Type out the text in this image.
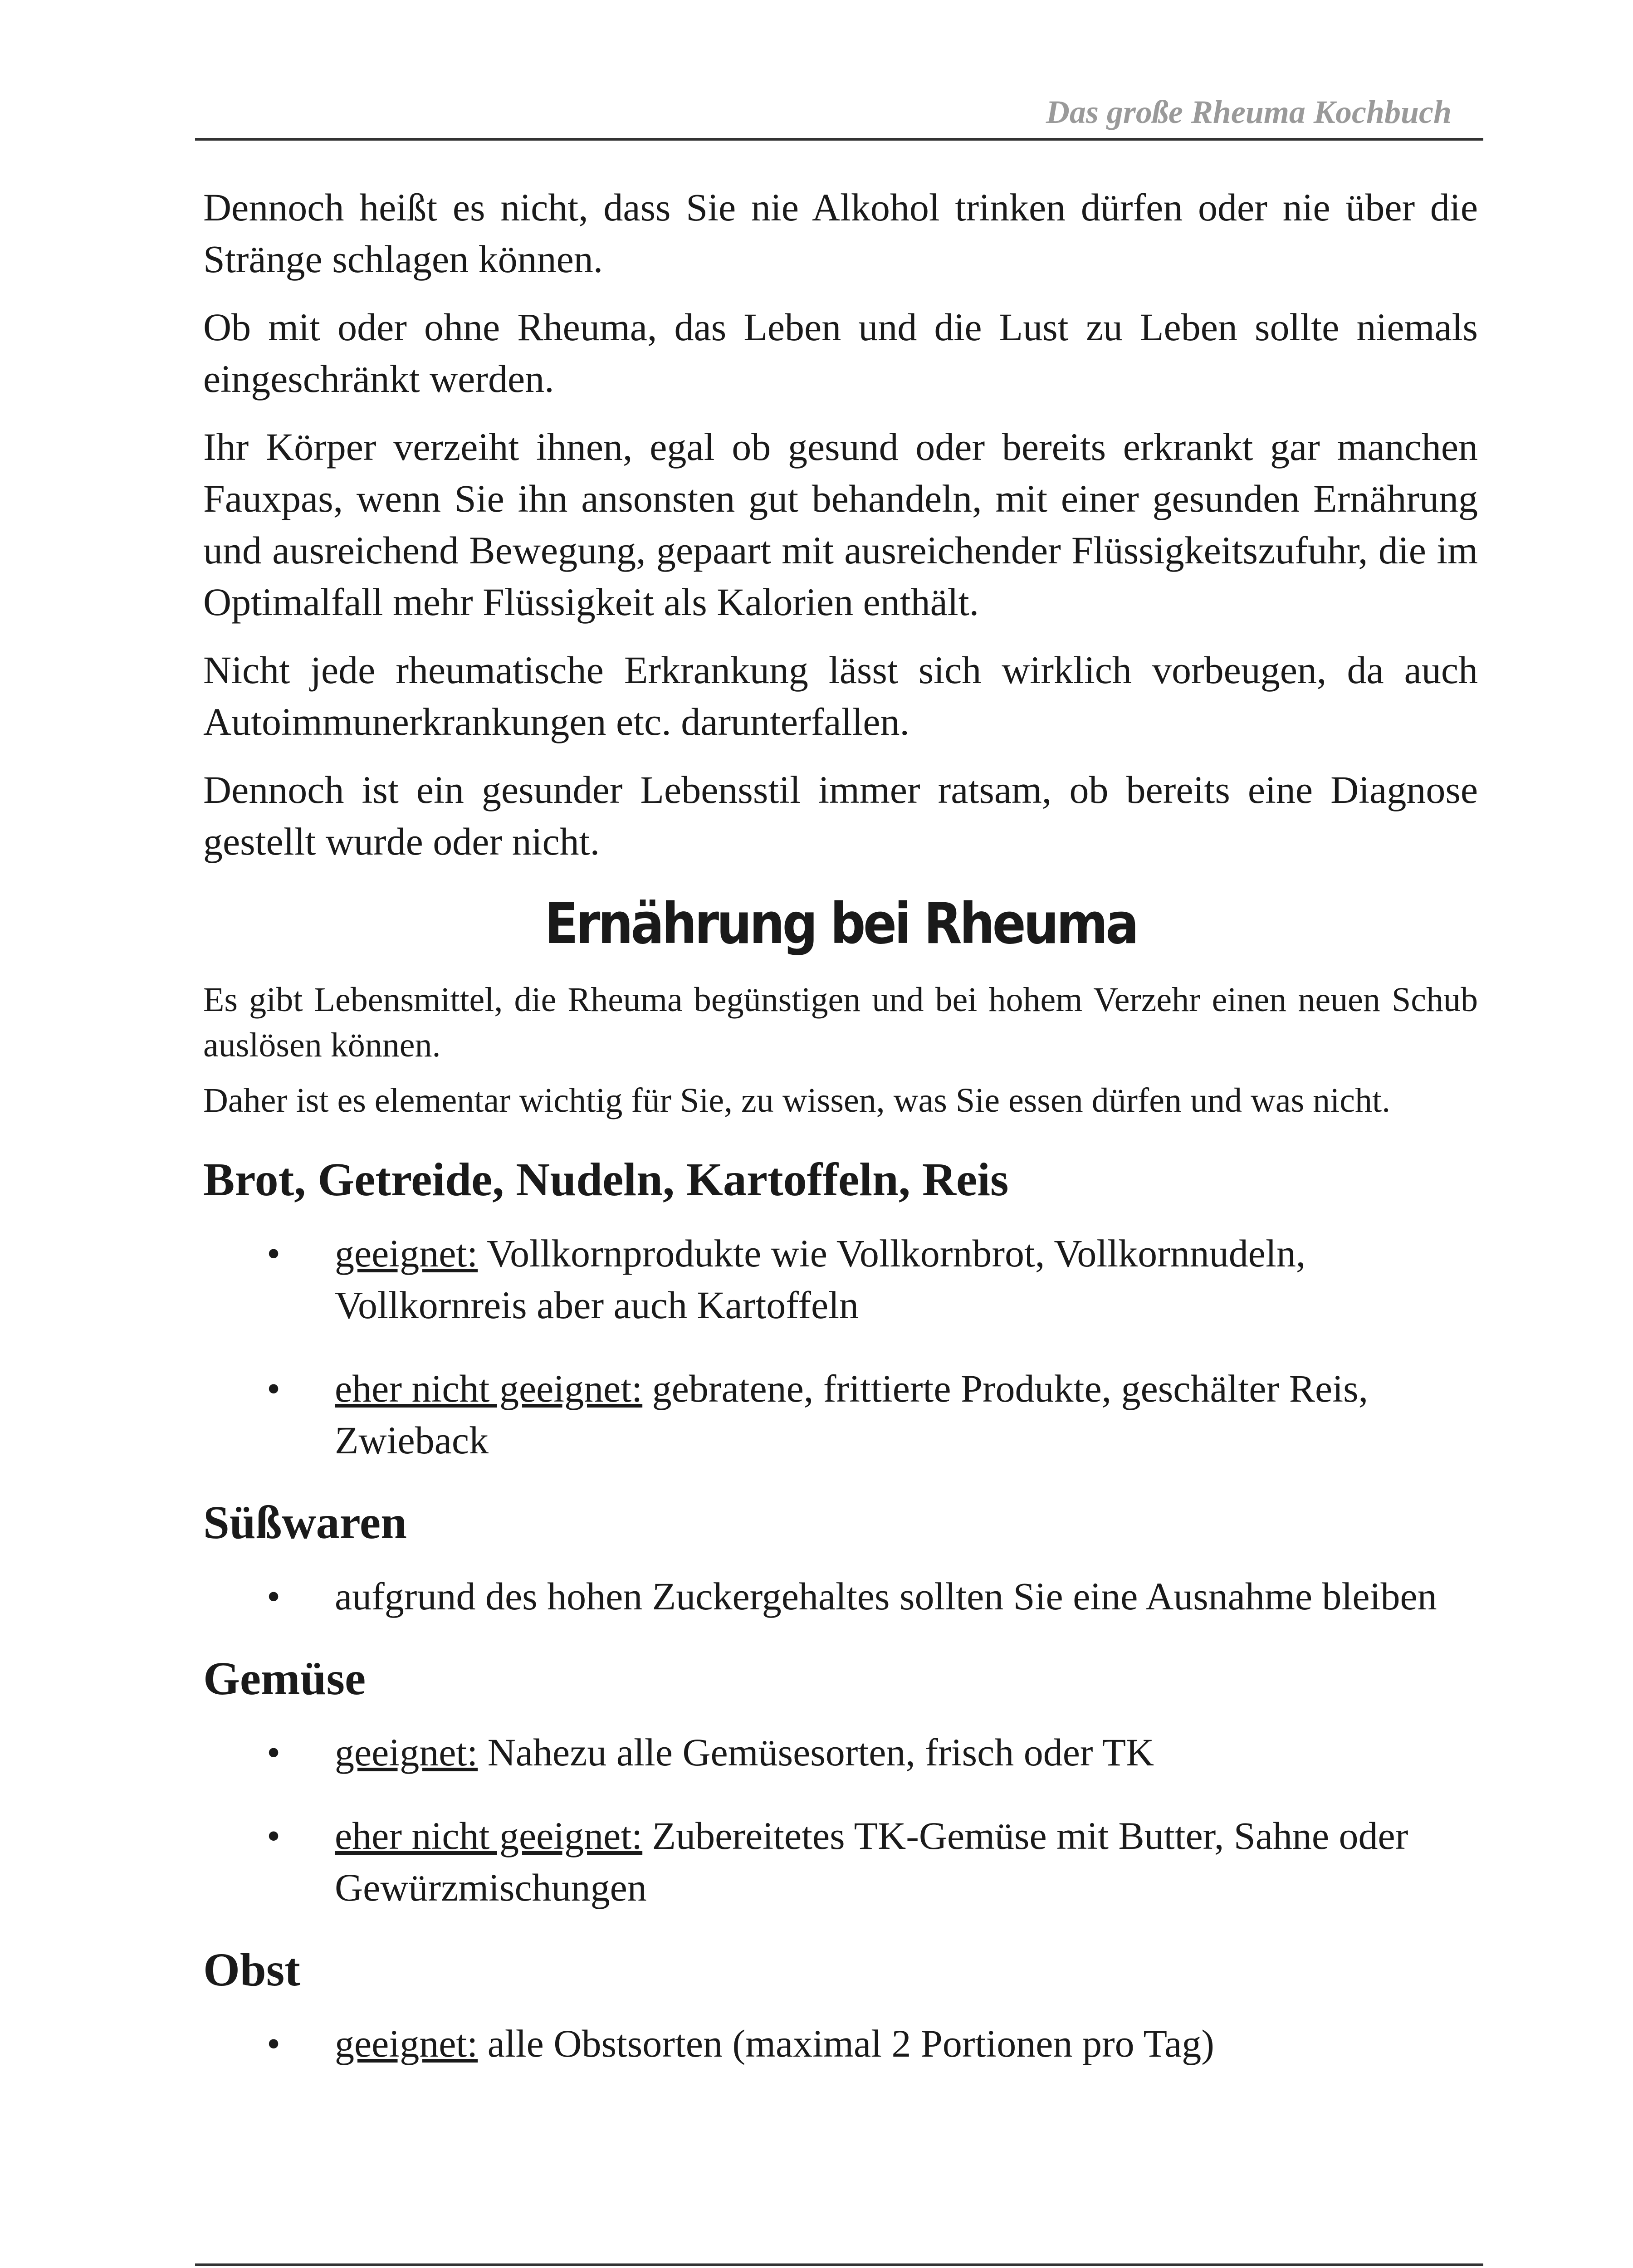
Das große Rheuma Kochbuch

Dennoch heißt es nicht, dass Sie nie Alkohol trinken dürfen oder nie über die Stränge schlagen können.

Ob mit oder ohne Rheuma, das Leben und die Lust zu Leben sollte niemals eingeschränkt werden.

Ihr Körper verzeiht ihnen, egal ob gesund oder bereits erkrankt gar manchen Fauxpas, wenn Sie ihn ansonsten gut behandeln, mit einer gesunden Ernährung und ausreichend Bewegung, gepaart mit ausreichender Flüssigkeitszufuhr, die im Optimalfall mehr Flüssigkeit als Kalorien enthält.

Nicht jede rheumatische Erkrankung lässt sich wirklich vorbeugen, da auch Autoimmunerkrankungen etc. darunterfallen.

Dennoch ist ein gesunder Lebensstil immer ratsam, ob bereits eine Diagnose gestellt wurde oder nicht.

Ernährung bei Rheuma

Es gibt Lebensmittel, die Rheuma begünstigen und bei hohem Verzehr einen neuen Schub auslösen können.

Daher ist es elementar wichtig für Sie, zu wissen, was Sie essen dürfen und was nicht.

Brot, Getreide, Nudeln, Kartoffeln, Reis
• geeignet: Vollkornprodukte wie Vollkornbrot, Vollkornnudeln, Vollkornreis aber auch Kartoffeln
• eher nicht geeignet: gebratene, frittierte Produkte, geschälter Reis, Zwieback
Süßwaren
• aufgrund des hohen Zuckergehaltes sollten Sie eine Ausnahme bleiben
Gemüse
• geeignet: Nahezu alle Gemüsesorten, frisch oder TK
• eher nicht geeignet: Zubereitetes TK-Gemüse mit Butter, Sahne oder Gewürzmischungen
Obst
• geeignet: alle Obstsorten (maximal 2 Portionen pro Tag)
